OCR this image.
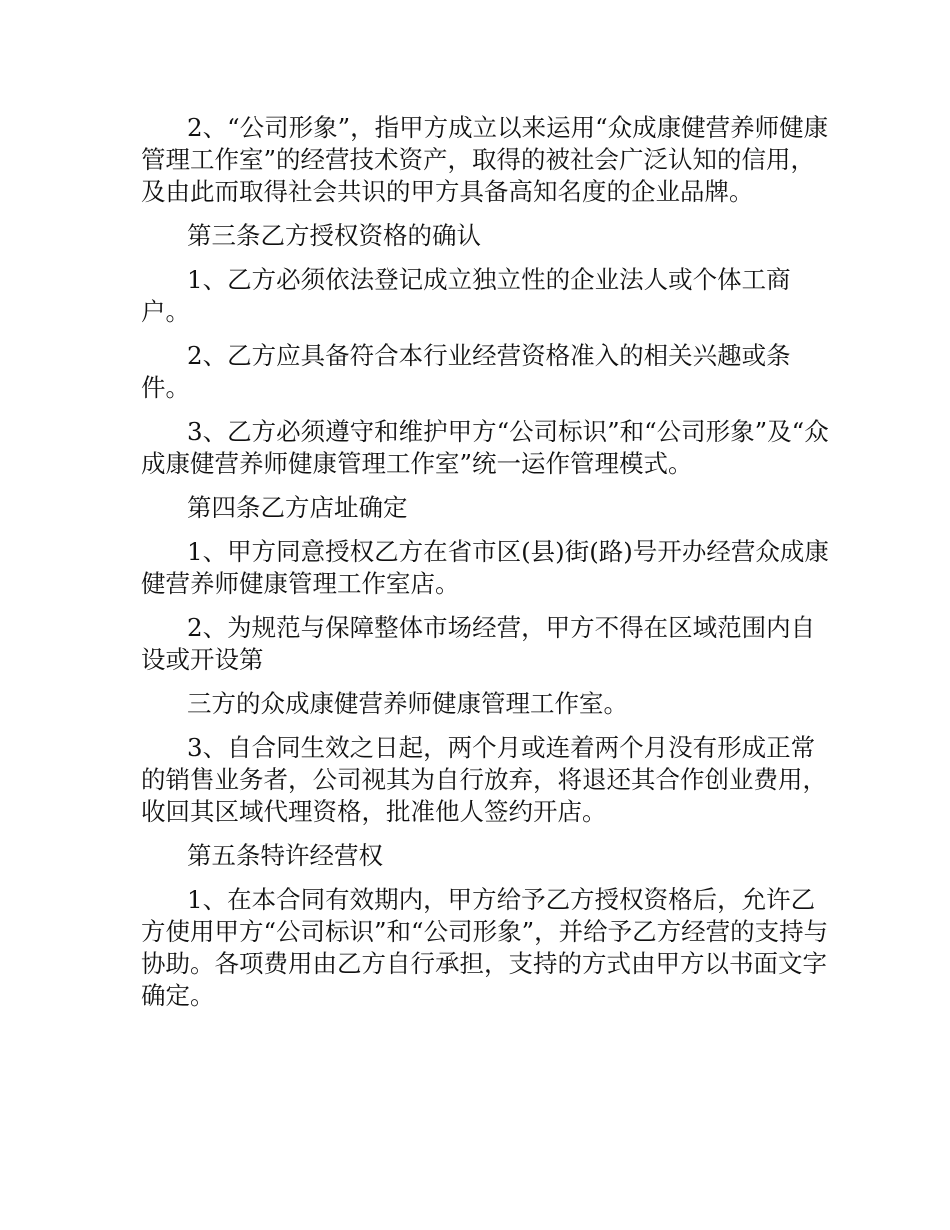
2、“公司形象”，指甲方成立以来运用“众成康健营养师健康管理工作室”的经营技术资产，取得的被社会广泛认知的信用，及由此而取得社会共识的甲方具备高知名度的企业品牌。

第三条乙方授权资格的确认

1、乙方必须依法登记成立独立性的企业法人或个体工商户。

2、乙方应具备符合本行业经营资格准入的相关兴趣或条件。

3、乙方必须遵守和维护甲方“公司标识”和“公司形象”及“众成康健营养师健康管理工作室”统一运作管理模式。

第四条乙方店址确定

1、甲方同意授权乙方在省市区(县)街(路)号开办经营众成康健营养师健康管理工作室店。

2、为规范与保障整体市场经营，甲方不得在区域范围内自设或开设第

三方的众成康健营养师健康管理工作室。

3、自合同生效之日起，两个月或连着两个月没有形成正常的销售业务者，公司视其为自行放弃，将退还其合作创业费用，收回其区域代理资格，批准他人签约开店。

第五条特许经营权

1、在本合同有效期内，甲方给予乙方授权资格后，允许乙方使用甲方“公司标识”和“公司形象”，并给予乙方经营的支持与协助。各项费用由乙方自行承担，支持的方式由甲方以书面文字确定。
